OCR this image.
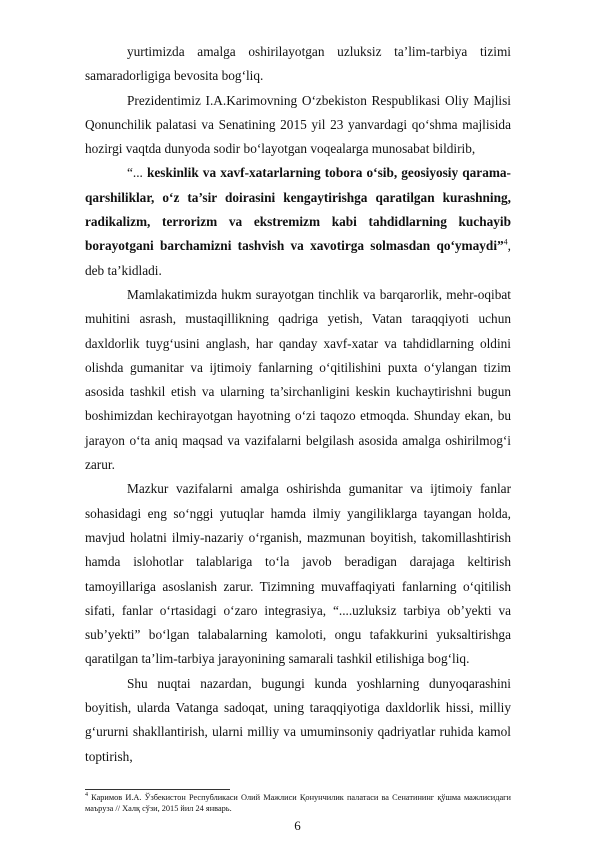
yurtimizda amalga oshirilayotgan uzluksiz ta’lim-tarbiya tizimi samaradorligiga bevosita bog‘liq.

Prezidentimiz I.A.Karimovning O‘zbekiston Respublikasi Oliy Majlisi Qonunchilik palatasi va Senatining 2015 yil 23 yanvardagi qo‘shma majlisida hozirgi vaqtda dunyoda sodir bo‘layotgan voqealarga munosabat bildirib,

“... keskinlik va xavf-xatarlarning tobora o‘sib, geosiyosiy qarama-qarshiliklar, o‘z ta’sir doirasini kengaytirishga qaratilgan kurashning, radikalizm, terrorizm va ekstremizm kabi tahdidlarning kuchayib borayotgani barchamizni tashvish va xavotirga solmasdan qo‘ymaydi”$^4$, deb ta’kidladi.

Mamlakatimizda hukm surayotgan tinchlik va barqarorlik, mehr-oqibat muhitini asrash, mustaqillikning qadriga yetish, Vatan taraqqiyoti uchun daxldorlik tuyg‘usini anglash, har qanday xavf-xatar va tahdidlarning oldini olishda gumanitar va ijtimoiy fanlarning o‘qitilishini puxta o‘ylangan tizim asosida tashkil etish va ularning ta’sirchanligini keskin kuchaytirishni bugun boshimizdan kechirayotgan hayotning o‘zi taqozo etmoqda. Shunday ekan, bu jarayon o‘ta aniq maqsad va vazifalarni belgilash asosida amalga oshirilmog‘i zarur.

Mazkur vazifalarni amalga oshirishda gumanitar va ijtimoiy fanlar sohasidagi eng so‘nggi yutuqlar hamda ilmiy yangiliklarga tayangan holda, mavjud holatni ilmiy-nazariy o‘rganish, mazmunan boyitish, takomillashtirish hamda islohotlar talablariga to‘la javob beradigan darajaga keltirish tamoyillariga asoslanish zarur. Tizimning muvaffaqiyati fanlarning o‘qitilish sifati, fanlar o‘rtasidagi o‘zaro integrasiya, “....uzluksiz tarbiya ob’yekti va sub’yekti” bo‘lgan talabalarning kamoloti, ongu tafakkurini yuksaltirishga qaratilgan ta’lim-tarbiya jarayonining samarali tashkil etilishiga bog‘liq.

Shu nuqtai nazardan, bugungi kunda yoshlarning dunyoqarashini boyitish, ularda Vatanga sadoqat, uning taraqqiyotiga daxldorlik hissi, milliy g‘ururni shakllantirish, ularni milliy va umuminsoniy qadriyatlar ruhida kamol toptirish,

$^4$ Каримов И.А. Ўзбекистон Республикаси Олий Мажлиси Қонунчилик палатаси ва Сенатининг қўшма мажлисидаги маъруза // Халқ сўзи, 2015 йил 24 январь.
6
